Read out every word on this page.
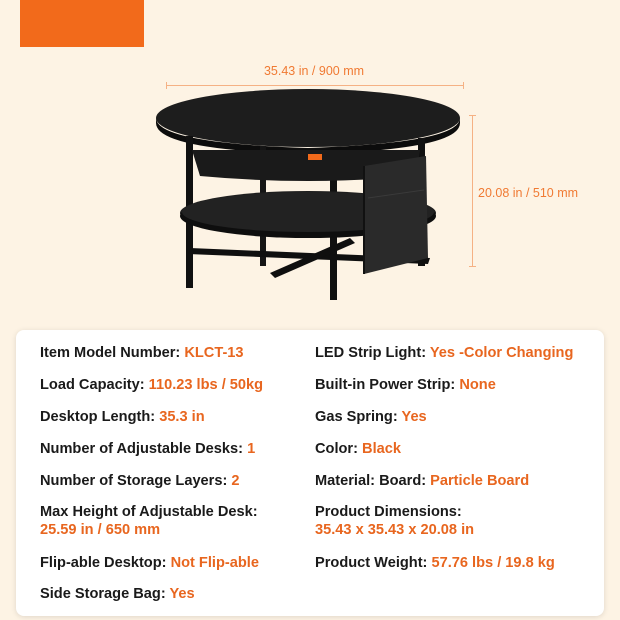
35.43 in / 900 mm
20.08 in / 510 mm
Item Model Number: KLCT-13
Load Capacity: 110.23 lbs / 50kg
Desktop Length: 35.3 in
Number of Adjustable Desks: 1
Number of Storage Layers: 2
Max Height of Adjustable Desk:
25.59 in / 650 mm
Flip-able Desktop: Not Flip-able
Side Storage Bag: Yes
LED Strip Light: Yes -Color Changing
Built-in Power Strip: None
Gas Spring: Yes
Color: Black
Material: Board: Particle Board
Product Dimensions:
35.43 x 35.43 x 20.08 in
Product Weight: 57.76 lbs / 19.8 kg
